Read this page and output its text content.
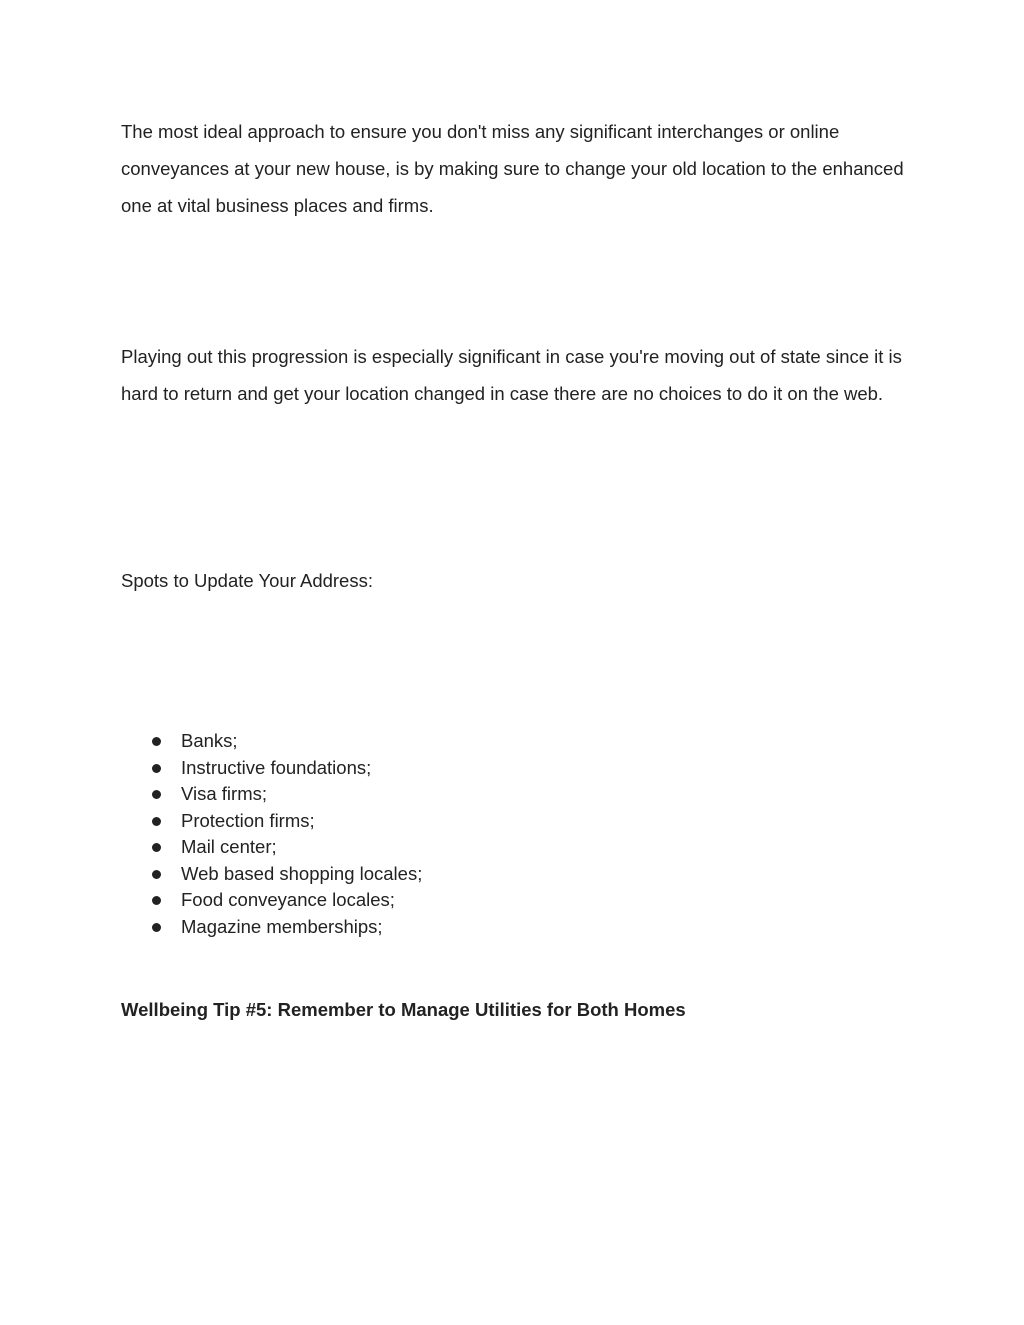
The most ideal approach to ensure you don't miss any significant interchanges or online conveyances at your new house, is by making sure to change your old location to the enhanced one at vital business places and firms.

Playing out this progression is especially significant in case you're moving out of state since it is hard to return and get your location changed in case there are no choices to do it on the web.

Spots to Update Your Address:

Banks;
Instructive foundations;
Visa firms;
Protection firms;
Mail center;
Web based shopping locales;
Food conveyance locales;
Magazine memberships;
Wellbeing Tip #5: Remember to Manage Utilities for Both Homes
